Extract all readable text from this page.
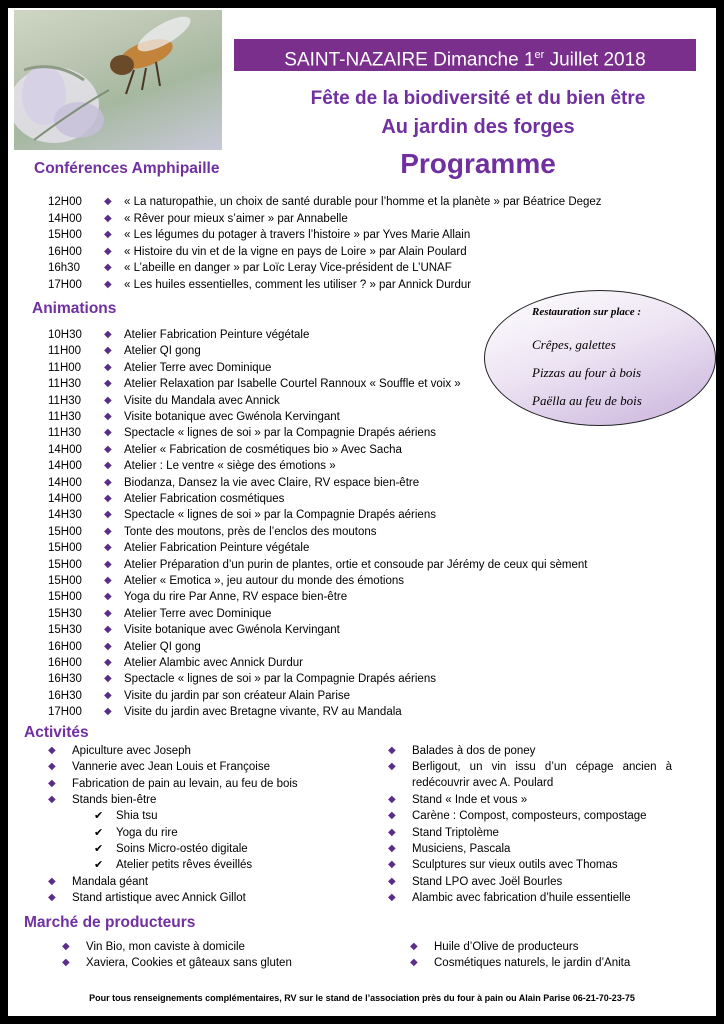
SAINT-NAZAIRE Dimanche 1er Juillet 2018
Fête de la biodiversité et du bien être
Au jardin des forges
Programme
Conférences Amphipaille
12H00	◆ « La naturopathie, un choix de santé durable pour l’homme et la planète » par Béatrice Degez
14H00	◆ « Rêver pour mieux s’aimer » par Annabelle
15H00	◆ « Les légumes du potager à travers l’histoire » par Yves Marie Allain
16H00	◆ « Histoire du vin et de la vigne en pays de Loire » par Alain Poulard
16h30	◆ « L’abeille en danger » par Loïc Leray Vice-président de L’UNAF
17H00	◆ « Les huiles essentielles, comment les utiliser ? » par Annick Durdur
Animations
10H30	◆ Atelier Fabrication Peinture végétale
11H00	◆ Atelier QI gong
11H00	◆ Atelier Terre avec Dominique
11H30	◆ Atelier Relaxation par Isabelle Courtel Rannoux « Souffle et voix »
11H30	◆ Visite du Mandala avec Annick
11H30	◆ Visite botanique avec Gwénola Kervingant
11H30	◆ Spectacle « lignes de soi » par la Compagnie Drapés aériens
14H00	◆ Atelier « Fabrication de cosmétiques bio » Avec Sacha
14H00	◆ Atelier : Le ventre « siège des émotions »
14H00	◆ Biodanza, Dansez la vie avec Claire, RV espace bien-être
14H00	◆ Atelier Fabrication cosmétiques
14H30	◆ Spectacle « lignes de soi » par la Compagnie Drapés aériens
15H00	◆ Tonte des moutons, près de l’enclos des moutons
15H00	◆ Atelier Fabrication Peinture végétale
15H00	◆ Atelier Préparation d’un purin de plantes, ortie et consoude par Jérémy de ceux qui sèment
15H00	◆ Atelier « Emotica », jeu autour du monde des émotions
15H00	◆ Yoga du rire Par Anne, RV espace bien-être
15H30	◆ Atelier Terre avec Dominique
15H30	◆ Visite botanique avec Gwénola Kervingant
16H00	◆ Atelier QI gong
16H00	◆ Atelier Alambic avec Annick Durdur
16H30	◆ Spectacle « lignes de soi » par la Compagnie Drapés aériens
16H30	◆ Visite du jardin par son créateur Alain Parise
17H00	◆ Visite du jardin avec Bretagne vivante, RV au Mandala
Restauration sur place :
Crêpes, galettes
Pizzas au four à bois
Paëlla au feu de bois
Activités
◆ Apiculture avec Joseph
◆ Vannerie avec Jean Louis et Françoise
◆ Fabrication de pain au levain, au feu de bois
◆ Stands bien-être
✔ Shia tsu
✔ Yoga du rire
✔ Soins Micro-ostéo digitale
✔ Atelier petits rêves éveillés
◆ Mandala géant
◆ Stand artistique avec Annick Gillot
◆ Balades à dos de poney
◆ Berligout, un vin issu d’un cépage ancien à
redécouvrir avec A. Poulard
◆ Stand « Inde et vous »
◆ Carène : Compost, composteurs, compostage
◆ Stand Triptolème
◆ Musiciens, Pascala
◆ Sculptures sur vieux outils avec Thomas
◆ Stand LPO avec Joël Bourles
◆ Alambic avec fabrication d’huile essentielle
Marché de producteurs
◆ Vin Bio, mon caviste à domicile
◆ Xaviera, Cookies et gâteaux sans gluten
◆ Huile d’Olive de producteurs
◆ Cosmétiques naturels, le jardin d’Anita
Pour tous renseignements complémentaires, RV sur le stand de l’association près du four à pain ou Alain Parise 06-21-70-23-75
